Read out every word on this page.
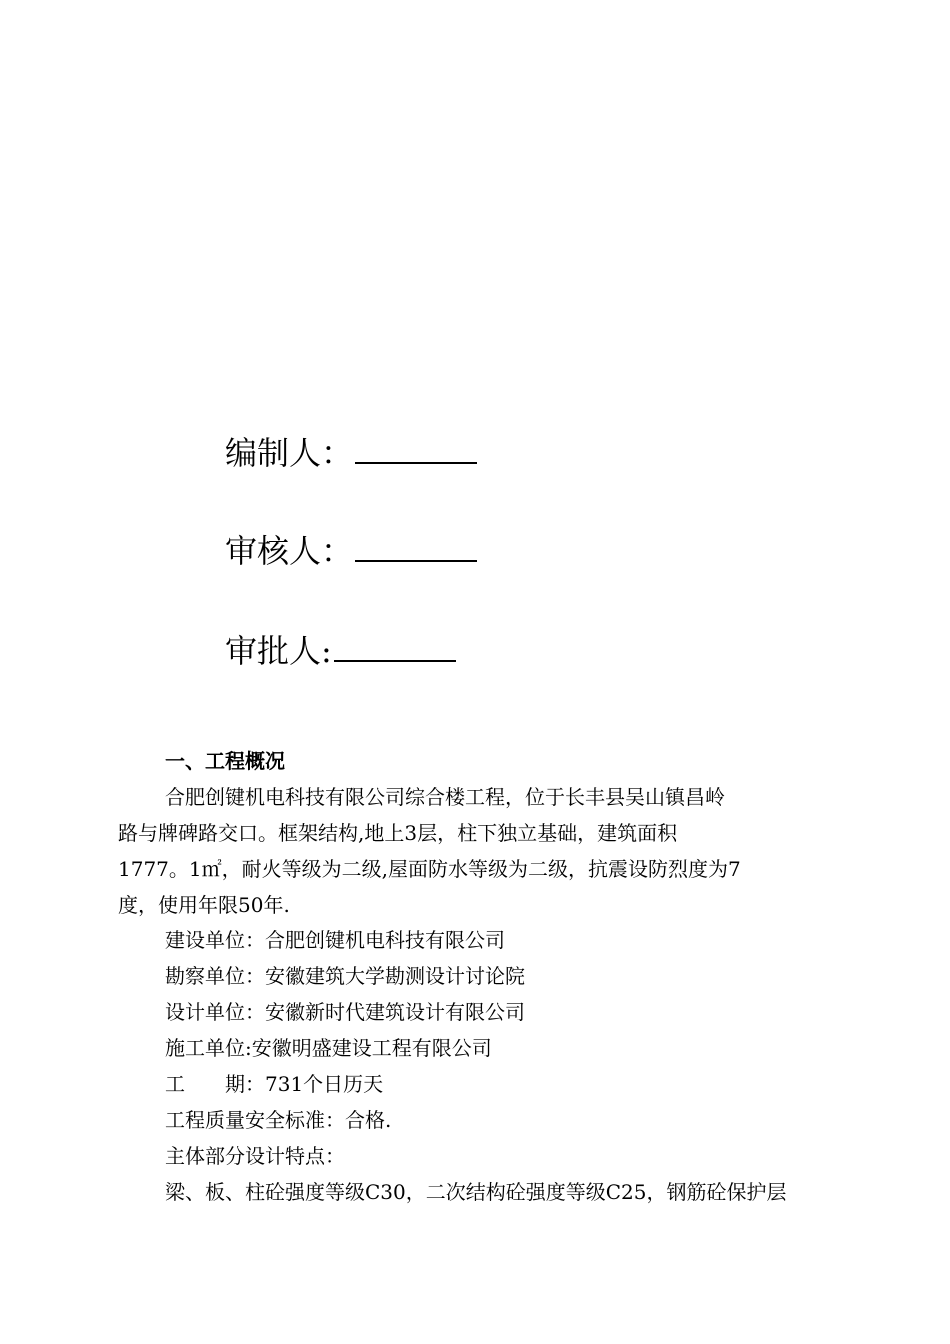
编制人：
审核人：
审批人:
一、工程概况
合肥创键机电科技有限公司综合楼工程，位于长丰县吴山镇昌岭
路与牌碑路交口。框架结构,地上3层，柱下独立基础，建筑面积
1777。1㎡，耐火等级为二级,屋面防水等级为二级，抗震设防烈度为7
度，使用年限50年.
建设单位：合肥创键机电科技有限公司
勘察单位：安徽建筑大学勘测设计讨论院
设计单位：安徽新时代建筑设计有限公司
施工单位:安徽明盛建设工程有限公司
工　　期：731个日历天
工程质量安全标准：合格.
主体部分设计特点：
梁、板、柱砼强度等级C30，二次结构砼强度等级C25，钢筋砼保护层
